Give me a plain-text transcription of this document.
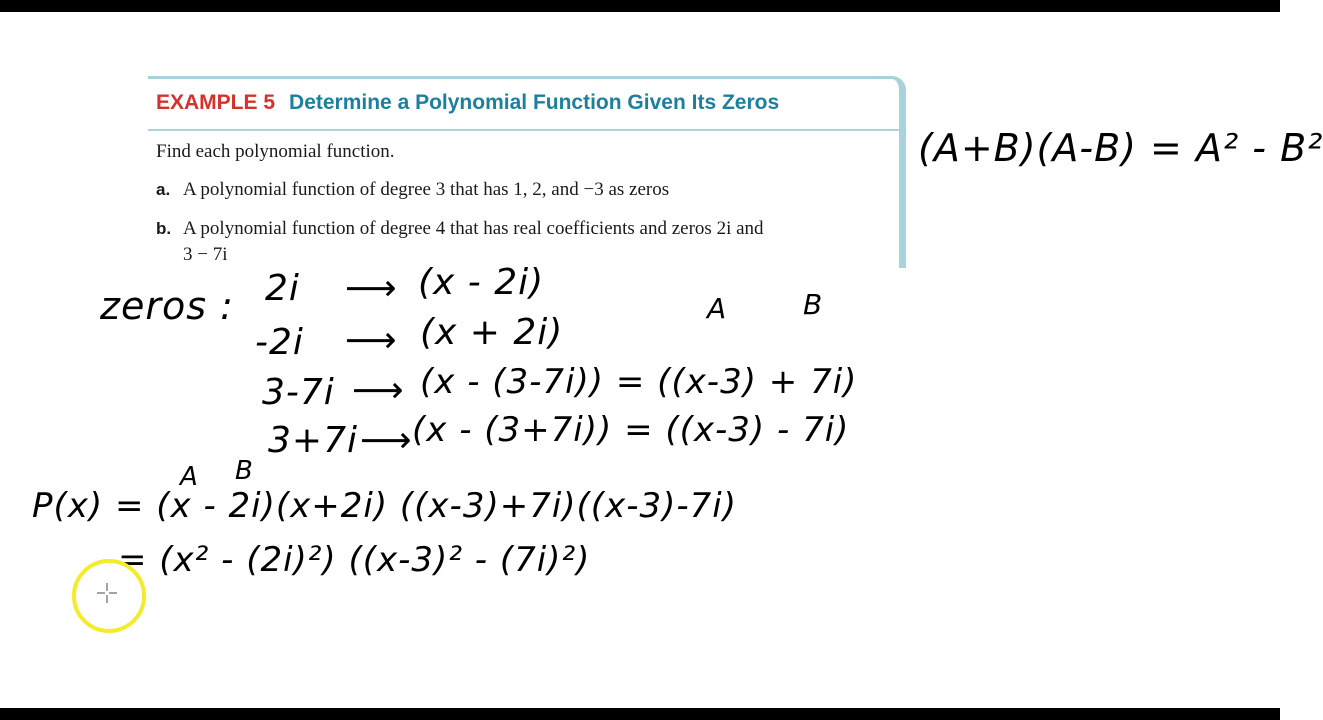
EXAMPLE 5 Determine a Polynomial Function Given Its Zeros
Find each polynomial function.
a. A polynomial function of degree 3 that has 1, 2, and −3 as zeros
b. A polynomial function of degree 4 that has real coefficients and zeros 2i and
3 − 7i
(A+B)(A-B) = A² - B²
zeros : 2i ⟶ (x - 2i)
-2i ⟶ (x + 2i)
A	B
3-7i ⟶ (x - (3-7i)) = ((x-3) + 7i)
3+7i ⟶ (x - (3+7i)) = ((x-3) - 7i)
A B
P(x) = (x - 2i)(x+2i) ((x-3)+7i)((x-3)-7i)
= (x² - (2i)²) ((x-3)² - (7i)²)
